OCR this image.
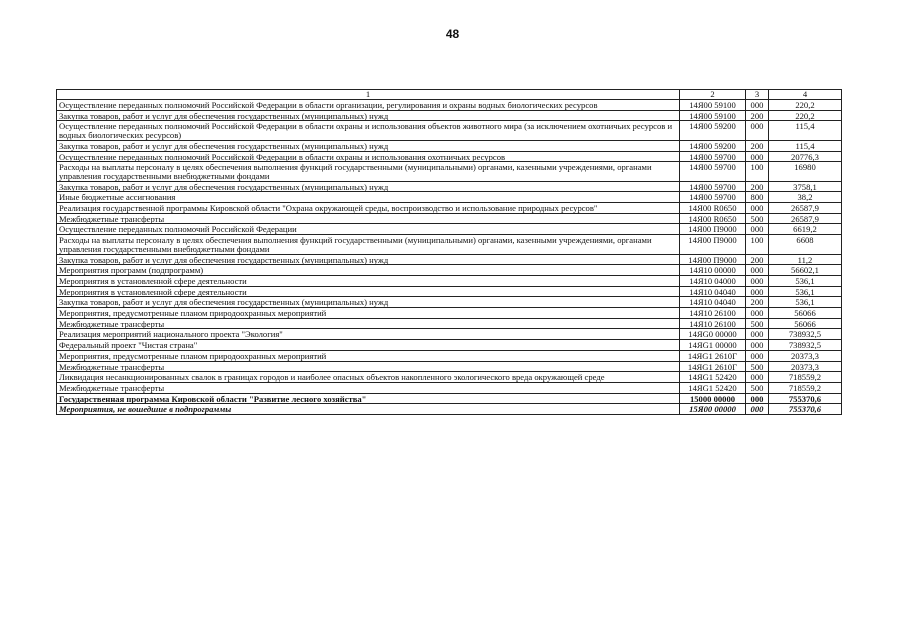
48
1	2	3	4
Осуществление переданных полномочий Российской Федерации в области организации, регулирования и охраны водных биологических ресурсов	14Я00 59100	000	220,2
Закупка товаров, работ и услуг для обеспечения государственных (муниципальных) нужд	14Я00 59100	200	220,2
Осуществление переданных полномочий Российской Федерации в области охраны и использования объектов животного мира (за исключением охотничьих ресурсов и водных биологических ресурсов)	14Я00 59200	000	115,4
Закупка товаров, работ и услуг для обеспечения государственных (муниципальных) нужд	14Я00 59200	200	115,4
Осуществление переданных полномочий Российской Федерации в области охраны и использования охотничьих ресурсов	14Я00 59700	000	20776,3
Расходы на выплаты персоналу в целях обеспечения выполнения функций государственными (муниципальными) органами, казенными учреждениями, органами управления государственными внебюджетными фондами	14Я00 59700	100	16980
Закупка товаров, работ и услуг для обеспечения государственных (муниципальных) нужд	14Я00 59700	200	3758,1
Иные бюджетные ассигнования	14Я00 59700	800	38,2
Реализация государственной программы Кировской области "Охрана окружающей среды, воспроизводство и использование природных ресурсов"	14Я00 R0650	000	26587,9
Межбюджетные трансферты	14Я00 R0650	500	26587,9
Осуществление переданных полномочий Российской Федерации	14Я00 П9000	000	6619,2
Расходы на выплаты персоналу в целях обеспечения выполнения функций государственными (муниципальными) органами, казенными учреждениями, органами управления государственными внебюджетными фондами	14Я00 П9000	100	6608
Закупка товаров, работ и услуг для обеспечения государственных (муниципальных) нужд	14Я00 П9000	200	11,2
Мероприятия программ (подпрограмм)	14Я10 00000	000	56602,1
Мероприятия в установленной сфере деятельности	14Я10 04000	000	536,1
Мероприятия в установленной сфере деятельности	14Я10 04040	000	536,1
Закупка товаров, работ и услуг для обеспечения государственных (муниципальных) нужд	14Я10 04040	200	536,1
Мероприятия, предусмотренные планом природоохранных мероприятий	14Я10 26100	000	56066
Межбюджетные трансферты	14Я10 26100	500	56066
Реализация мероприятий национального проекта "Экология"	14ЯG0 00000	000	738932,5
Федеральный проект "Чистая страна"	14ЯG1 00000	000	738932,5
Мероприятия, предусмотренные планом природоохранных мероприятий	14ЯG1 2610Г	000	20373,3
Межбюджетные трансферты	14ЯG1 2610Г	500	20373,3
Ликвидация несанкционированных свалок в границах городов и наиболее опасных объектов накопленного экологического вреда окружающей среде	14ЯG1 52420	000	718559,2
Межбюджетные трансферты	14ЯG1 52420	500	718559,2
Государственная программа Кировской области "Развитие лесного хозяйства"	15000 00000	000	755370,6
Мероприятия, не вошедшие в подпрограммы	15Я00 00000	000	755370,6
